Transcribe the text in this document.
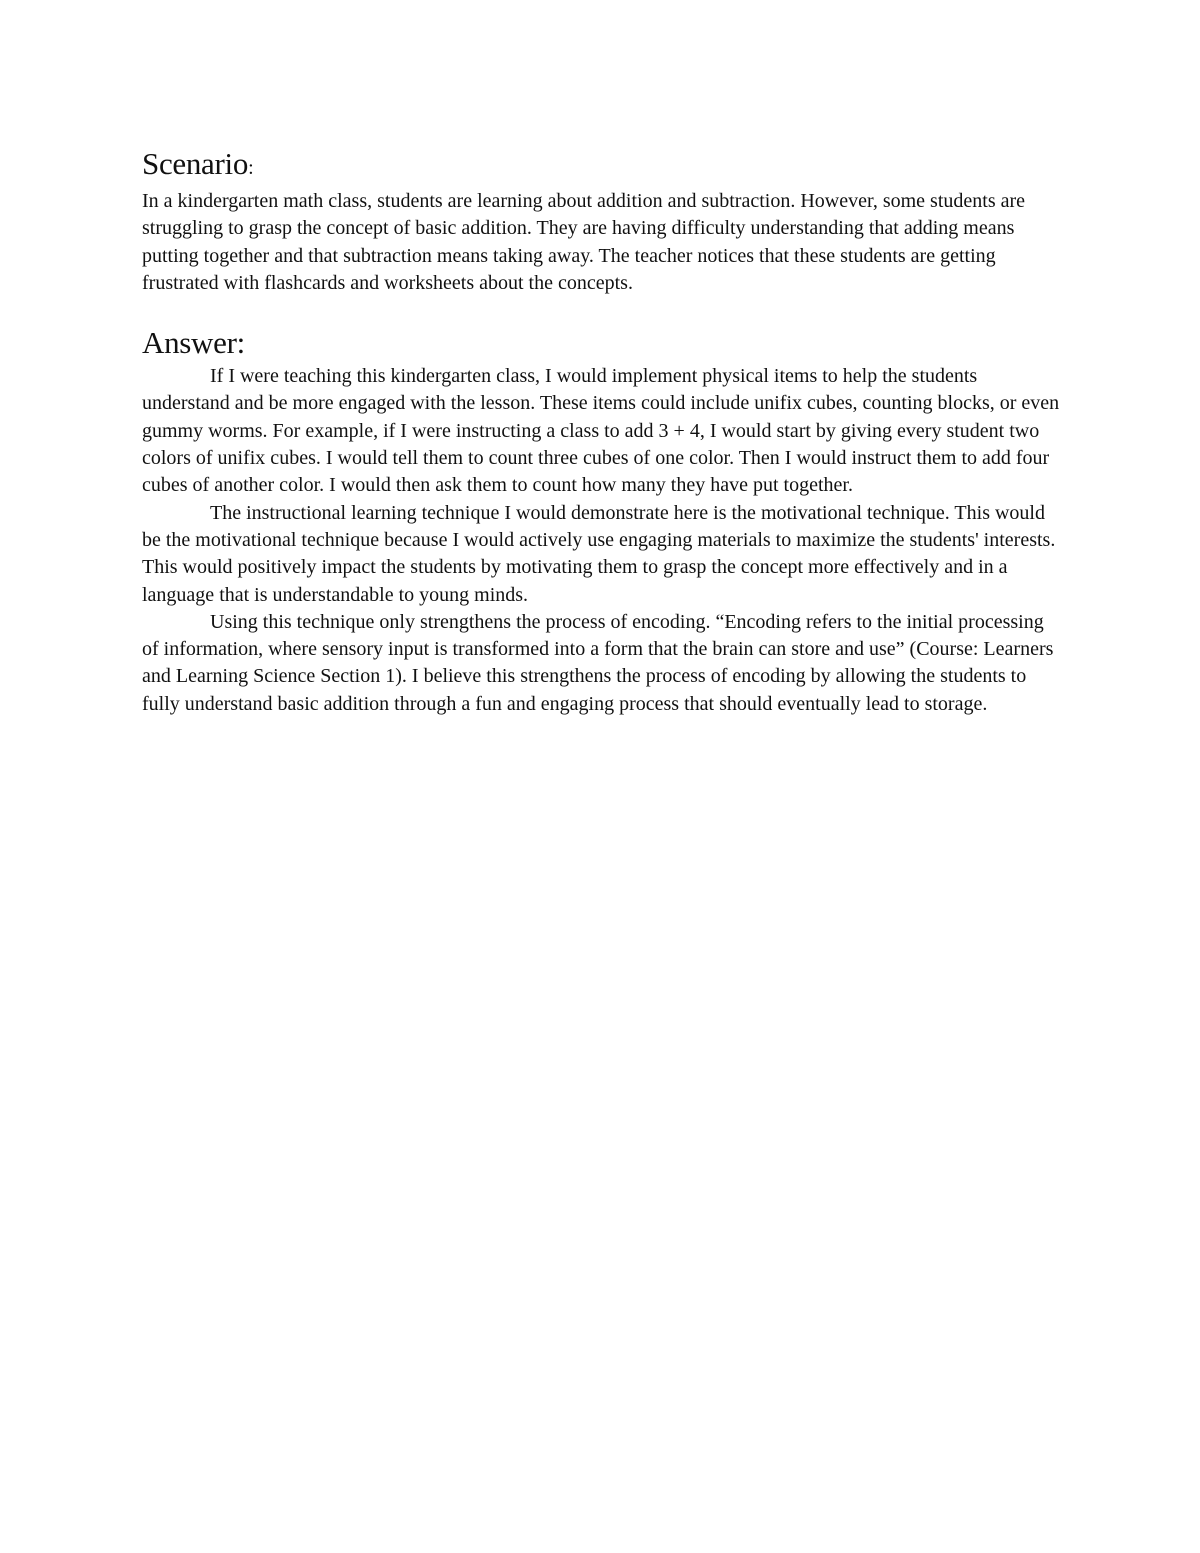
Scenario:

In a kindergarten math class, students are learning about addition and subtraction. However, some students are struggling to grasp the concept of basic addition. They are having difficulty understanding that adding means putting together and that subtraction means taking away. The teacher notices that these students are getting frustrated with flashcards and worksheets about the concepts.

Answer:

If I were teaching this kindergarten class, I would implement physical items to help the students understand and be more engaged with the lesson. These items could include unifix cubes, counting blocks, or even gummy worms. For example, if I were instructing a class to add 3 + 4, I would start by giving every student two colors of unifix cubes. I would tell them to count three cubes of one color. Then I would instruct them to add four cubes of another color. I would then ask them to count how many they have put together.

The instructional learning technique I would demonstrate here is the motivational technique. This would be the motivational technique because I would actively use engaging materials to maximize the students' interests. This would positively impact the students by motivating them to grasp the concept more effectively and in a language that is understandable to young minds.

Using this technique only strengthens the process of encoding. “Encoding refers to the initial processing of information, where sensory input is transformed into a form that the brain can store and use” (Course: Learners and Learning Science Section 1). I believe this strengthens the process of encoding by allowing the students to fully understand basic addition through a fun and engaging process that should eventually lead to storage.
